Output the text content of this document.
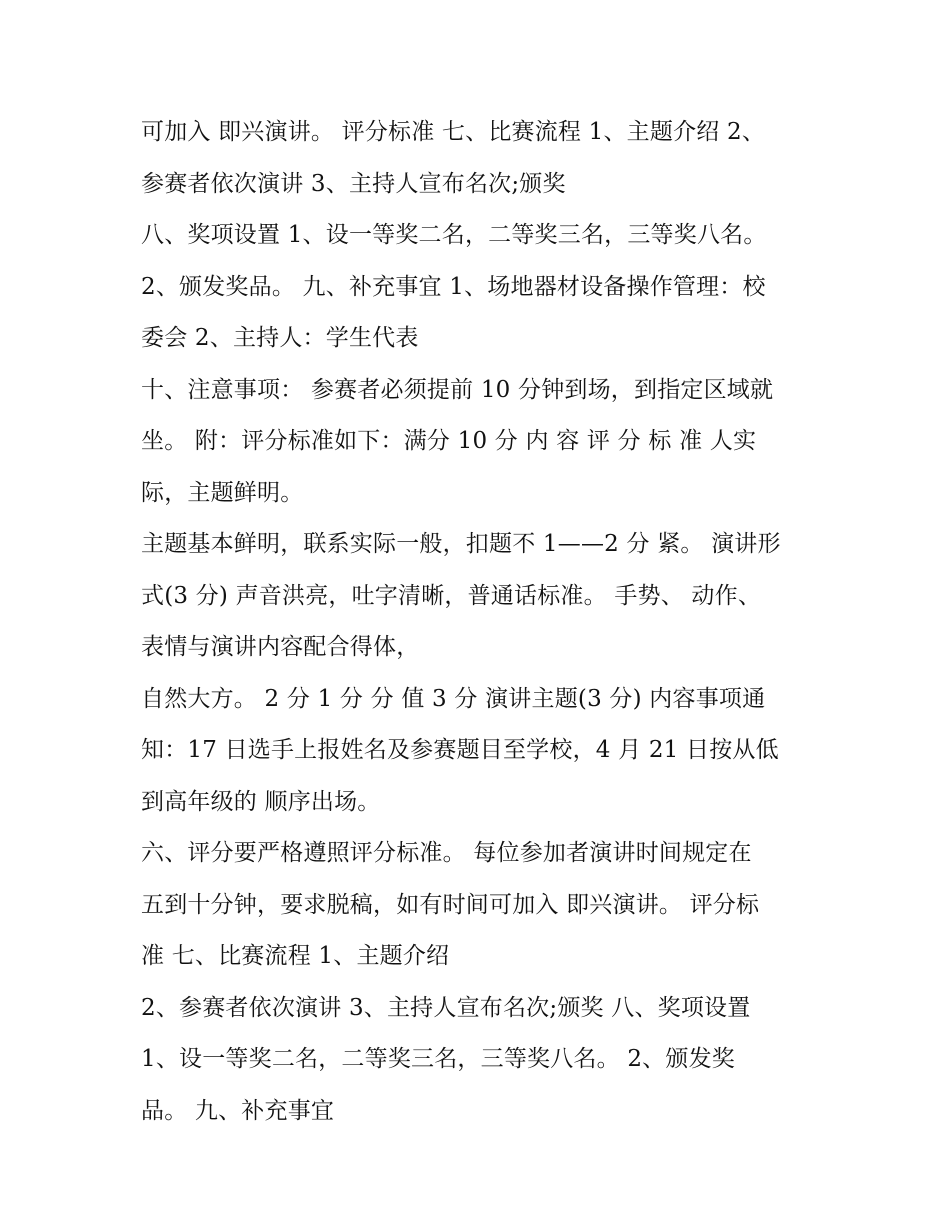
可加入 即兴演讲。 评分标准 七、比赛流程 1、主题介绍 2、
参赛者依次演讲 3、主持人宣布名次;颁奖
八、奖项设置 1、设一等奖二名，二等奖三名，三等奖八名。
2、颁发奖品。 九、补充事宜 1、场地器材设备操作管理：校
委会 2、主持人：学生代表
十、注意事项： 参赛者必须提前 10 分钟到场，到指定区域就
坐。 附：评分标准如下：满分 10 分 内 容 评 分 标 准 人实
际，主题鲜明。
主题基本鲜明，联系实际一般，扣题不 1——2 分 紧。 演讲形
式(3 分) 声音洪亮，吐字清晰，普通话标准。 手势、 动作、
表情与演讲内容配合得体，
自然大方。 2 分 1 分 分 值 3 分 演讲主题(3 分) 内容事项通
知：17 日选手上报姓名及参赛题目至学校，4 月 21 日按从低
到高年级的 顺序出场。
六、评分要严格遵照评分标准。 每位参加者演讲时间规定在
五到十分钟，要求脱稿，如有时间可加入 即兴演讲。 评分标
准 七、比赛流程 1、主题介绍
2、参赛者依次演讲 3、主持人宣布名次;颁奖 八、奖项设置
1、设一等奖二名，二等奖三名，三等奖八名。 2、颁发奖
品。 九、补充事宜
